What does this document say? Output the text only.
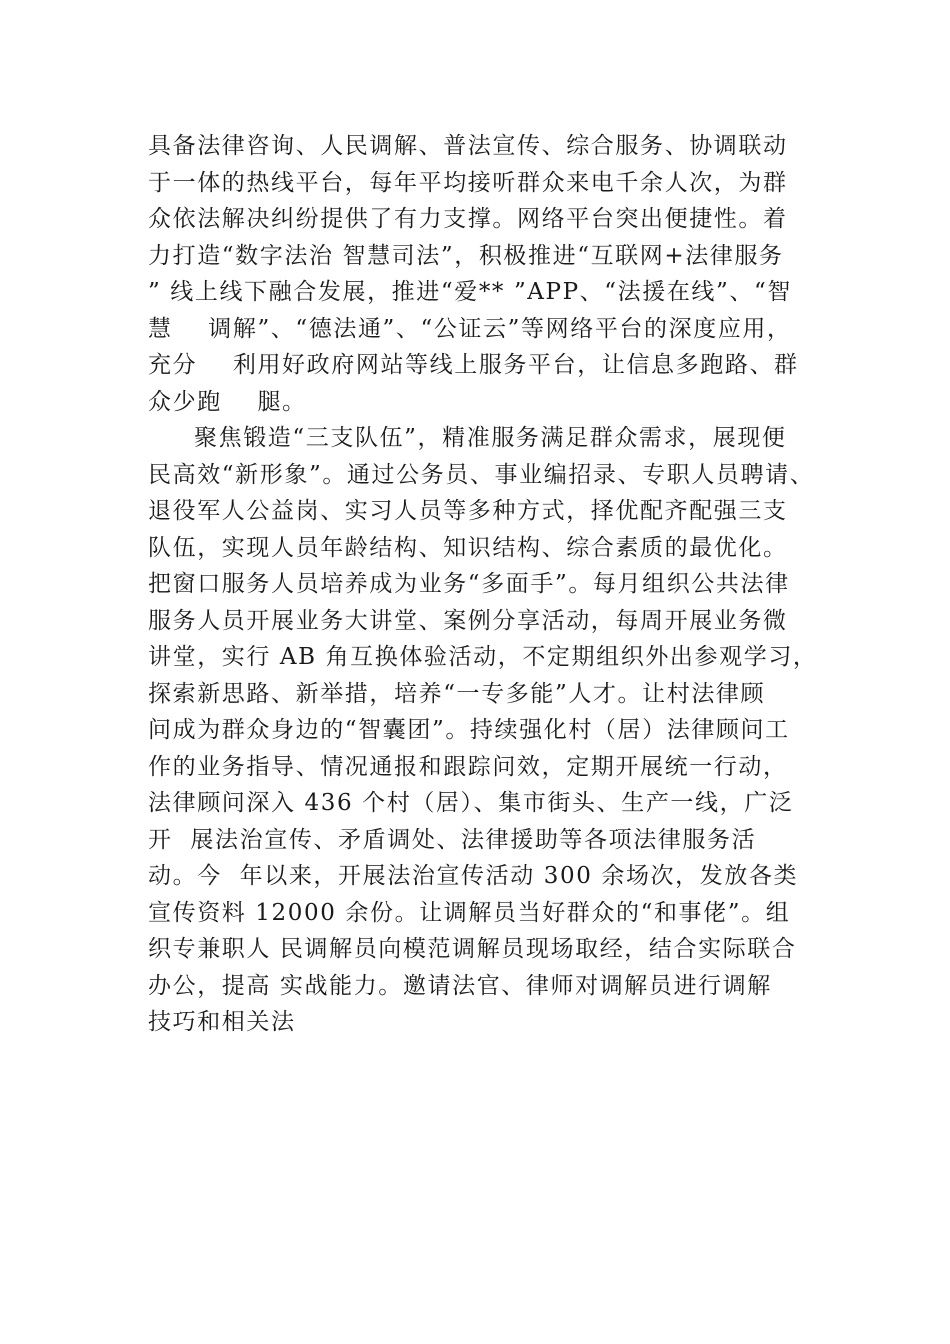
具备法律咨询、人民调解、普法宣传、综合服务、协调联动
于一体的热线平台，每年平均接听群众来电千余人次，为群
众依法解决纠纷提供了有力支撑。网络平台突出便捷性。着
力打造“数字法治 智慧司法”，积极推进“互联网+法律服务
” 线上线下融合发展，推进“爱** ”APP、“法援在线”、“智
慧    调解”、“德法通”、“公证云”等网络平台的深度应用，
充分    利用好政府网站等线上服务平台，让信息多跑路、群
众少跑    腿。
聚焦锻造“三支队伍”，精准服务满足群众需求，展现便
民高效“新形象”。通过公务员、事业编招录、专职人员聘请、
退役军人公益岗、实习人员等多种方式，择优配齐配强三支
队伍，实现人员年龄结构、知识结构、综合素质的最优化。
把窗口服务人员培养成为业务“多面手”。每月组织公共法律
服务人员开展业务大讲堂、案例分享活动，每周开展业务微
讲堂，实行 AB 角互换体验活动，不定期组织外出参观学习，
探索新思路、新举措，培养“一专多能”人才。让村法律顾
问成为群众身边的“智囊团”。持续强化村（居）法律顾问工
作的业务指导、情况通报和跟踪问效，定期开展统一行动，
法律顾问深入 436 个村（居）、集市街头、生产一线，广泛
开  展法治宣传、矛盾调处、法律援助等各项法律服务活
动。今  年以来，开展法治宣传活动 300 余场次，发放各类
宣传资料 12000 余份。让调解员当好群众的“和事佬”。组
织专兼职人 民调解员向模范调解员现场取经，结合实际联合
办公，提高 实战能力。邀请法官、律师对调解员进行调解
技巧和相关法
